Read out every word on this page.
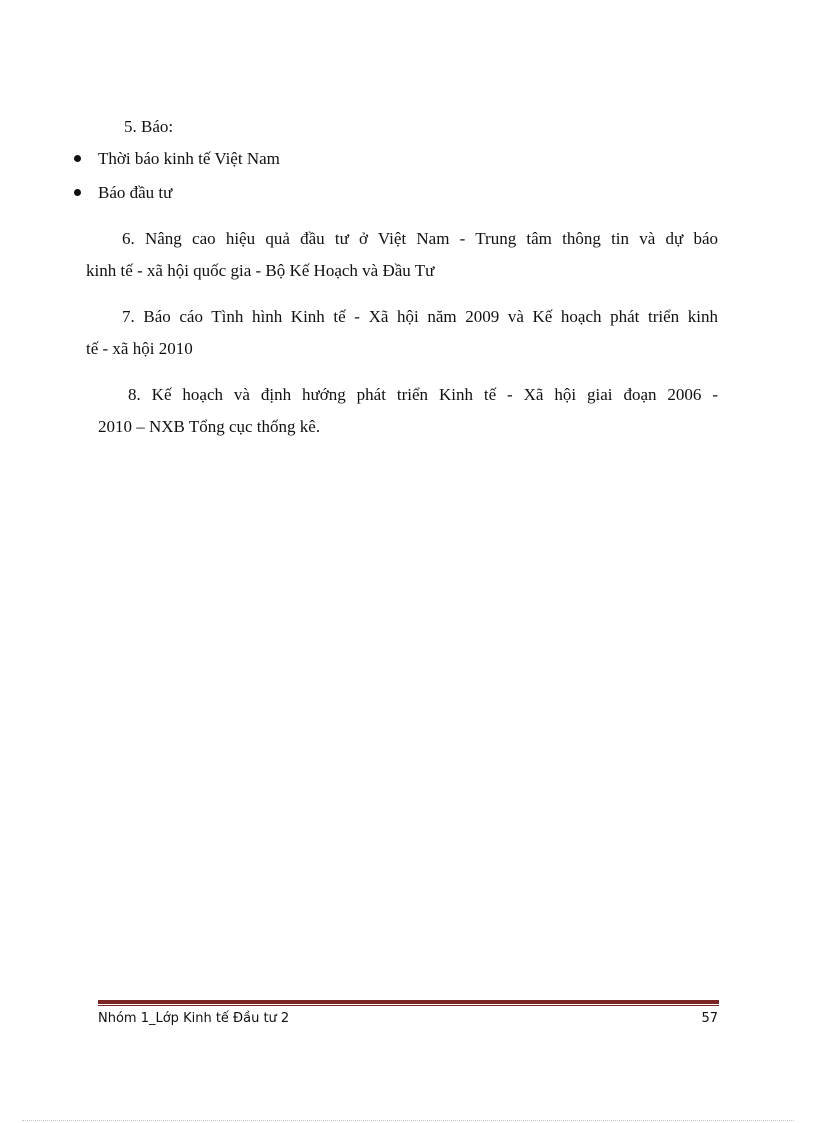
5. Báo:
Thời báo kinh tế Việt Nam
Báo đầu tư
6. Nâng cao hiệu quả đầu tư ở Việt Nam - Trung tâm thông tin và dự báo
kinh tế - xã hội quốc gia - Bộ Kế Hoạch và Đầu Tư
7. Báo cáo Tình hình Kinh tế - Xã hội năm 2009 và Kế hoạch phát triển kinh
tế - xã hội 2010
8. Kế hoạch và định hướng phát triển Kinh tế - Xã hội giai đoạn 2006 -
2010 – NXB Tổng cục thống kê.
Nhóm 1_Lớp Kinh tế Đầu tư 2	57
